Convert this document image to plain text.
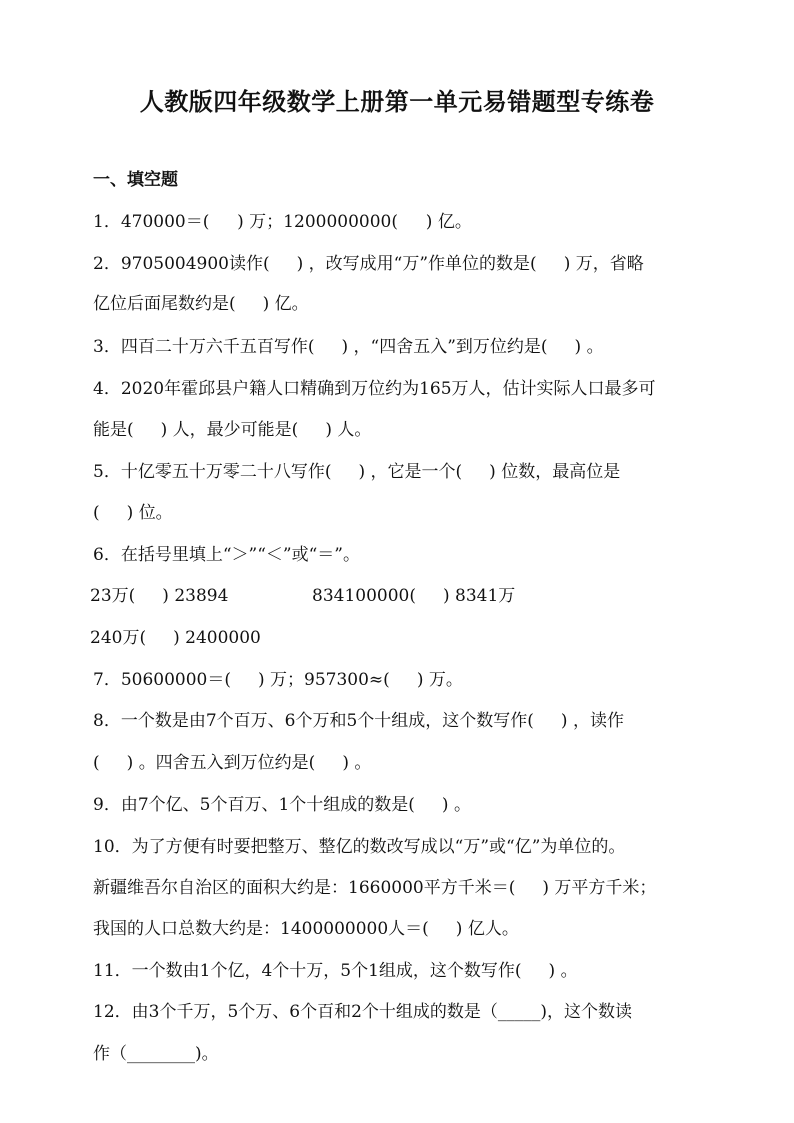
人教版四年级数学上册第一单元易错题型专练卷
一、填空题
1．470000＝(　  ) 万；1200000000(  　) 亿。
2．9705004900读作(     ) ，改写成用“万”作单位的数是(     ) 万，省略
亿位后面尾数约是(     ) 亿。
3．四百二十万六千五百写作(     ) ，“四舍五入”到万位约是(     ) 。
4．2020年霍邱县户籍人口精确到万位约为165万人，估计实际人口最多可
能是(     ) 人，最少可能是(     ) 人。
5．十亿零五十万零二十八写作(     ) ，它是一个(     ) 位数，最高位是
(     ) 位。
6．在括号里填上“＞”“＜”或“＝”。
23万(     ) 23894	834100000(     ) 8341万
240万(     ) 2400000
7．50600000＝(     ) 万；957300≈(     ) 万。
8．一个数是由7个百万、6个万和5个十组成，这个数写作(     ) ，读作
(     ) 。四舍五入到万位约是(     ) 。
9．由7个亿、5个百万、1个十组成的数是(     ) 。
10．为了方便有时要把整万、整亿的数改写成以“万”或“亿”为单位的。
新疆维吾尔自治区的面积大约是：1660000平方千米＝(     ) 万平方千米；
我国的人口总数大约是：1400000000人＝(     ) 亿人。
11．一个数由1个亿，4个十万，5个1组成，这个数写作(     ) 。
12．由3个千万，5个万、6个百和2个十组成的数是（_____)，这个数读
作（________)。
